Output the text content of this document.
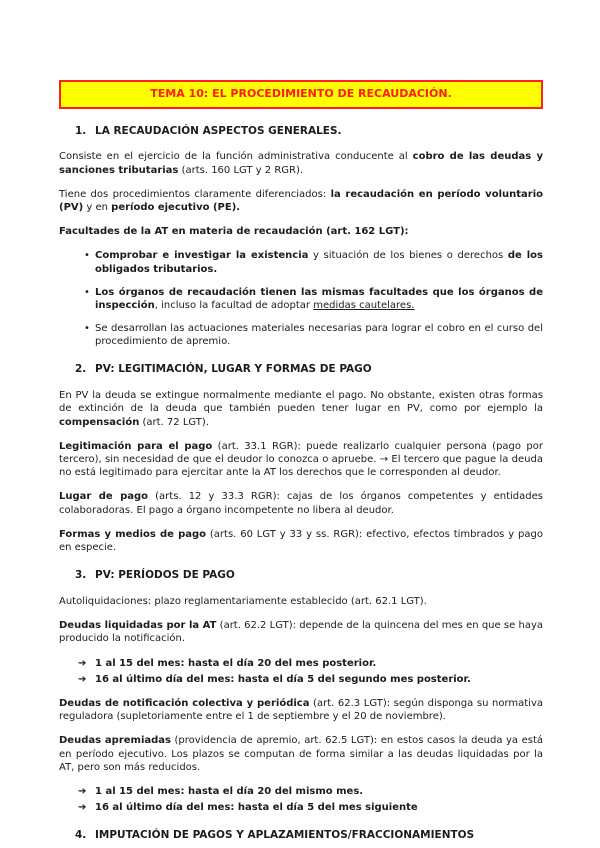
TEMA 10: EL PROCEDIMIENTO DE RECAUDACIÓN.
1. LA RECAUDACIÓN ASPECTOS GENERALES.

Consiste en el ejercicio de la función administrativa conducente al cobro de las deudas y sanciones tributarias (arts. 160 LGT y 2 RGR).

Tiene dos procedimientos claramente diferenciados: la recaudación en período voluntario (PV) y en período ejecutivo (PE).

Facultades de la AT en materia de recaudación (art. 162 LGT):

• Comprobar e investigar la existencia y situación de los bienes o derechos de los obligados tributarios.
• Los órganos de recaudación tienen las mismas facultades que los órganos de inspección, incluso la facultad de adoptar medidas cautelares.
• Se desarrollan las actuaciones materiales necesarias para lograr el cobro en el curso del procedimiento de apremio.
2. PV: LEGITIMACIÓN, LUGAR Y FORMAS DE PAGO

En PV la deuda se extingue normalmente mediante el pago. No obstante, existen otras formas de extinción de la deuda que también pueden tener lugar en PV, como por ejemplo la compensación (art. 72 LGT).

Legitimación para el pago (art. 33.1 RGR): puede realizarlo cualquier persona (pago por tercero), sin necesidad de que el deudor lo conozca o apruebe. → El tercero que pague la deuda no está legitimado para ejercitar ante la AT los derechos que le corresponden al deudor.

Lugar de pago (arts. 12 y 33.3 RGR): cajas de los órganos competentes y entidades colaboradoras. El pago a órgano incompetente no libera al deudor.

Formas y medios de pago (arts. 60 LGT y 33 y ss. RGR): efectivo, efectos timbrados y pago en especie.

3. PV: PERÍODOS DE PAGO

Autoliquidaciones: plazo reglamentariamente establecido (art. 62.1 LGT).

Deudas liquidadas por la AT (art. 62.2 LGT): depende de la quincena del mes en que se haya producido la notificación.

➔ 1 al 15 del mes: hasta el día 20 del mes posterior.
➔ 16 al último día del mes: hasta el día 5 del segundo mes posterior.

Deudas de notificación colectiva y periódica (art. 62.3 LGT): según disponga su normativa reguladora (supletoriamente entre el 1 de septiembre y el 20 de noviembre).

Deudas apremiadas (providencia de apremio, art. 62.5 LGT): en estos casos la deuda ya está en período ejecutivo. Los plazos se computan de forma similar a las deudas liquidadas por la AT, pero son más reducidos.

➔ 1 al 15 del mes: hasta el día 20 del mismo mes.
➔ 16 al último día del mes: hasta el día 5 del mes siguiente
4. IMPUTACIÓN DE PAGOS Y APLAZAMIENTOS/FRACCIONAMIENTOS
